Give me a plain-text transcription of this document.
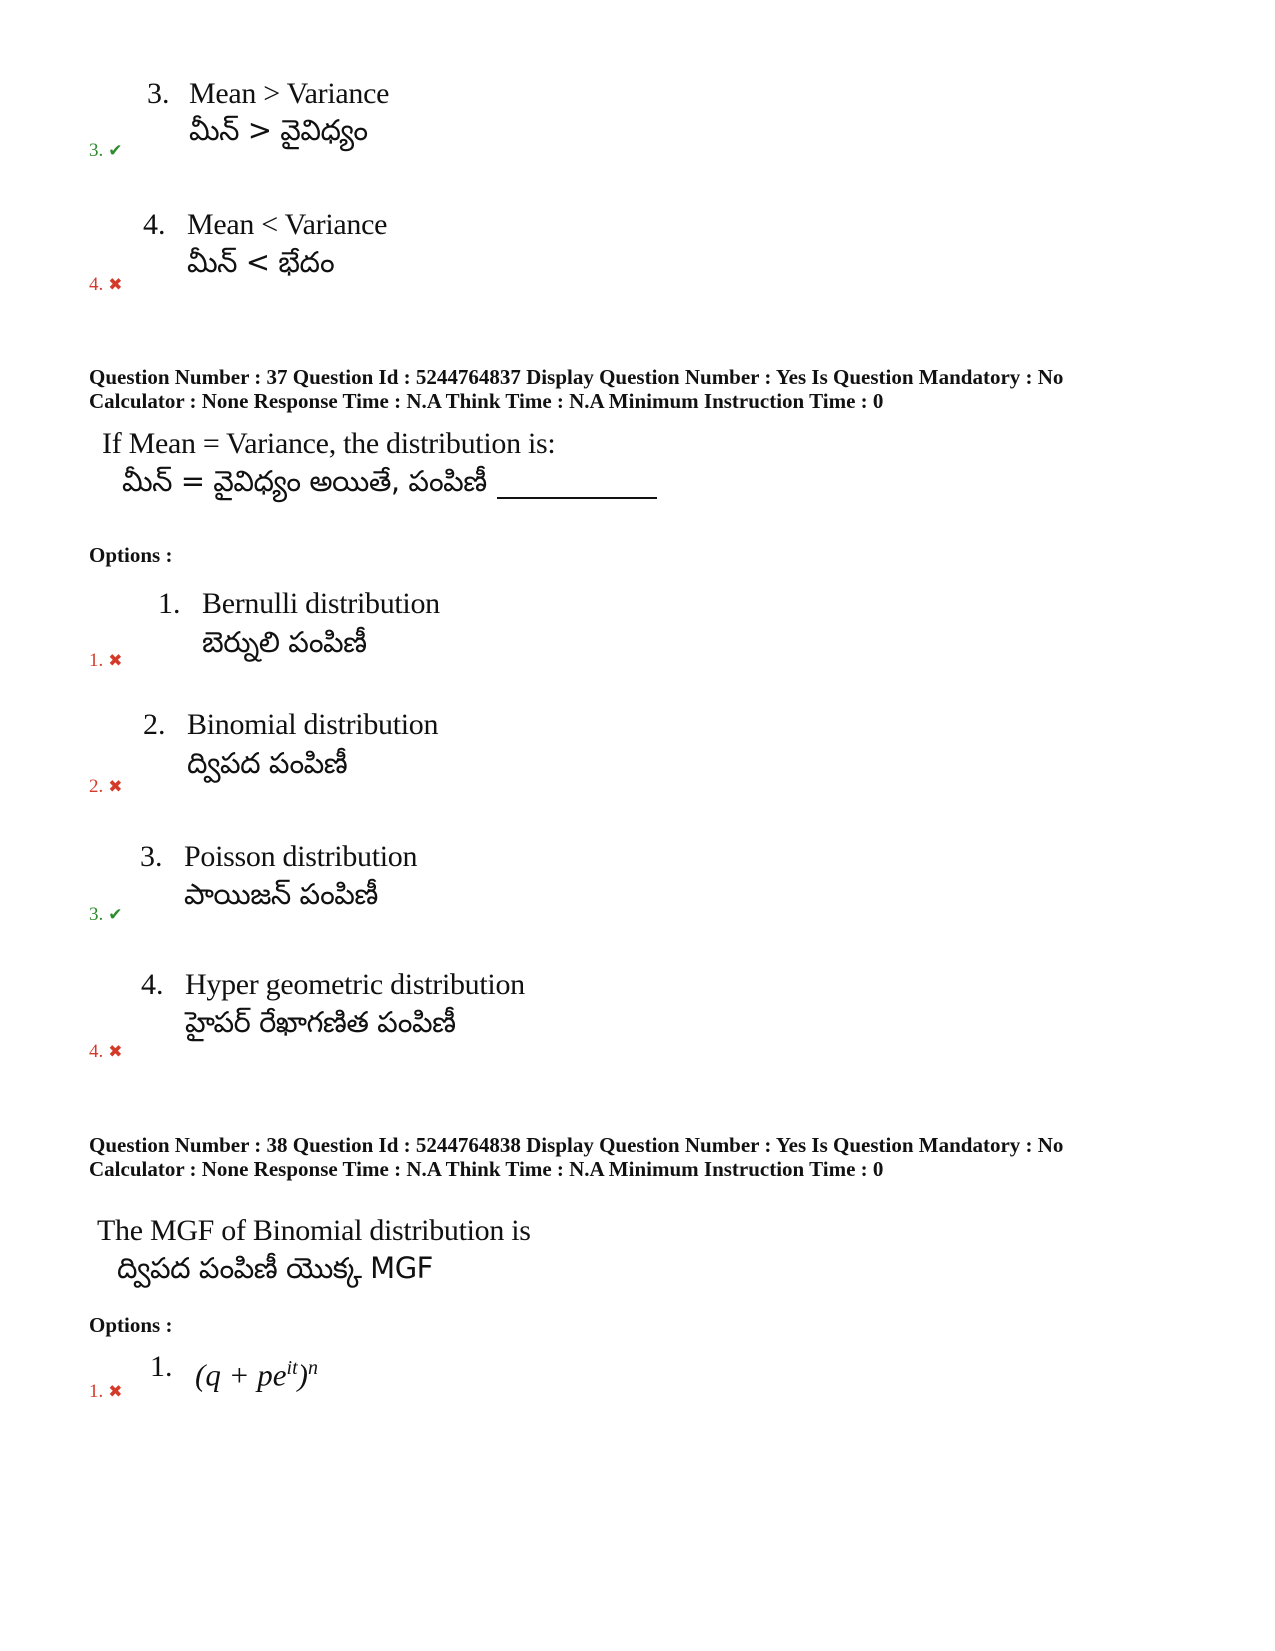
3. Mean > Variance
మీన్ > వైవిధ్యం
3. ✔
4. Mean < Variance
మీన్ < భేదం
4. ✖
Question Number : 37 Question Id : 5244764837 Display Question Number : Yes Is Question Mandatory : No
Calculator : None Response Time : N.A Think Time : N.A Minimum Instruction Time : 0
If Mean = Variance, the distribution is:
మీన్ = వైవిధ్యం అయితే, పంపిణీ
Options :
1. Bernulli distribution
బెర్నులి పంపిణీ
1. ✖
2. Binomial distribution
ద్విపద పంపిణీ
2. ✖
3. Poisson distribution
పాయిజన్ పంపిణీ
3. ✔
4. Hyper geometric distribution
హైపర్ రేఖాగణిత పంపిణీ
4. ✖
Question Number : 38 Question Id : 5244764838 Display Question Number : Yes Is Question Mandatory : No
Calculator : None Response Time : N.A Think Time : N.A Minimum Instruction Time : 0
The MGF of Binomial distribution is
ద్విపద పంపిణీ యొక్క MGF
Options :
1. $(q + pe^{it})^n$
1. ✖
